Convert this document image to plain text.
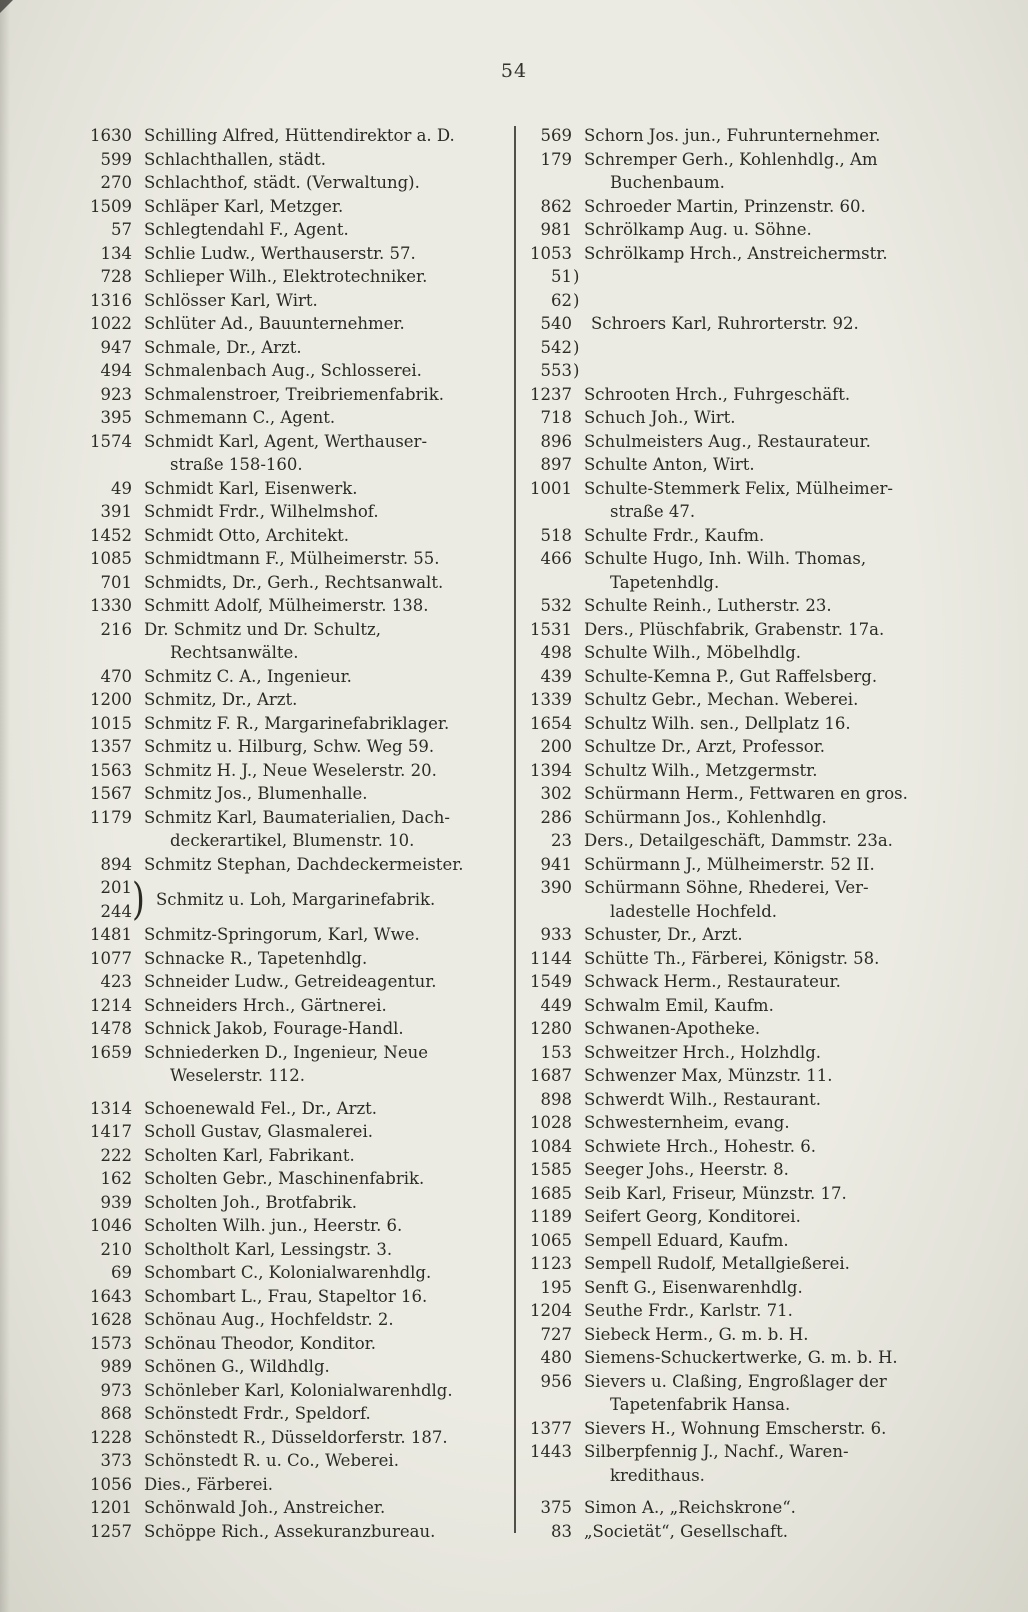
54
1630 Schilling Alfred, Hüttendirektor a. D.
599 Schlachthallen, städt.
270 Schlachthof, städt. (Verwaltung).
1509 Schläper Karl, Metzger.
57 Schlegtendahl F., Agent.
134 Schlie Ludw., Werthauserstr. 57.
728 Schlieper Wilh., Elektrotechniker.
1316 Schlösser Karl, Wirt.
1022 Schlüter Ad., Bauunternehmer.
947 Schmale, Dr., Arzt.
494 Schmalenbach Aug., Schlosserei.
923 Schmalenstroer, Treibriemenfabrik.
395 Schmemann C., Agent.
1574 Schmidt Karl, Agent, Werthauser-
straße 158-160.
49 Schmidt Karl, Eisenwerk.
391 Schmidt Frdr., Wilhelmshof.
1452 Schmidt Otto, Architekt.
1085 Schmidtmann F., Mülheimerstr. 55.
701 Schmidts, Dr., Gerh., Rechtsanwalt.
1330 Schmitt Adolf, Mülheimerstr. 138.
216 Dr. Schmitz und Dr. Schultz,
Rechtsanwälte.
470 Schmitz C. A., Ingenieur.
1200 Schmitz, Dr., Arzt.
1015 Schmitz F. R., Margarinefabriklager.
1357 Schmitz u. Hilburg, Schw. Weg 59.
1563 Schmitz H. J., Neue Weselerstr. 20.
1567 Schmitz Jos., Blumenhalle.
1179 Schmitz Karl, Baumaterialien, Dach-
deckerartikel, Blumenstr. 10.
894 Schmitz Stephan, Dachdeckermeister.
201
244 ) Schmitz u. Loh, Margarinefabrik.
1481 Schmitz-Springorum, Karl, Wwe.
1077 Schnacke R., Tapetenhdlg.
423 Schneider Ludw., Getreideagentur.
1214 Schneiders Hrch., Gärtnerei.
1478 Schnick Jakob, Fourage-Handl.
1659 Schniederken D., Ingenieur, Neue
Weselerstr. 112.
1314 Schoenewald Fel., Dr., Arzt.
1417 Scholl Gustav, Glasmalerei.
222 Scholten Karl, Fabrikant.
162 Scholten Gebr., Maschinenfabrik.
939 Scholten Joh., Brotfabrik.
1046 Scholten Wilh. jun., Heerstr. 6.
210 Scholtholt Karl, Lessingstr. 3.
69 Schombart C., Kolonialwarenhdlg.
1643 Schombart L., Frau, Stapeltor 16.
1628 Schönau Aug., Hochfeldstr. 2.
1573 Schönau Theodor, Konditor.
989 Schönen G., Wildhdlg.
973 Schönleber Karl, Kolonialwarenhdlg.
868 Schönstedt Frdr., Speldorf.
1228 Schönstedt R., Düsseldorferstr. 187.
373 Schönstedt R. u. Co., Weberei.
1056 Dies., Färberei.
1201 Schönwald Joh., Anstreicher.
1257 Schöppe Rich., Assekuranzbureau.
569 Schorn Jos. jun., Fuhrunternehmer.
179 Schremper Gerh., Kohlenhdlg., Am
Buchenbaum.
862 Schroeder Martin, Prinzenstr. 60.
981 Schrölkamp Aug. u. Söhne.
1053 Schrölkamp Hrch., Anstreichermstr.
51 )
62 )
540	Schroers Karl, Ruhrorterstr. 92.
542 )
553 )
1237 Schrooten Hrch., Fuhrgeschäft.
718 Schuch Joh., Wirt.
896 Schulmeisters Aug., Restaurateur.
897 Schulte Anton, Wirt.
1001 Schulte-Stemmerk Felix, Mülheimer-
straße 47.
518 Schulte Frdr., Kaufm.
466 Schulte Hugo, Inh. Wilh. Thomas,
Tapetenhdlg.
532 Schulte Reinh., Lutherstr. 23.
1531 Ders., Plüschfabrik, Grabenstr. 17a.
498 Schulte Wilh., Möbelhdlg.
439 Schulte-Kemna P., Gut Raffelsberg.
1339 Schultz Gebr., Mechan. Weberei.
1654 Schultz Wilh. sen., Dellplatz 16.
200 Schultze Dr., Arzt, Professor.
1394 Schultz Wilh., Metzgermstr.
302 Schürmann Herm., Fettwaren en gros.
286 Schürmann Jos., Kohlenhdlg.
23 Ders., Detailgeschäft, Dammstr. 23a.
941 Schürmann J., Mülheimerstr. 52 II.
390 Schürmann Söhne, Rhederei, Ver-
ladestelle Hochfeld.
933 Schuster, Dr., Arzt.
1144 Schütte Th., Färberei, Königstr. 58.
1549 Schwack Herm., Restaurateur.
449 Schwalm Emil, Kaufm.
1280 Schwanen-Apotheke.
153 Schweitzer Hrch., Holzhdlg.
1687 Schwenzer Max, Münzstr. 11.
898 Schwerdt Wilh., Restaurant.
1028 Schwesternheim, evang.
1084 Schwiete Hrch., Hohestr. 6.
1585 Seeger Johs., Heerstr. 8.
1685 Seib Karl, Friseur, Münzstr. 17.
1189 Seifert Georg, Konditorei.
1065 Sempell Eduard, Kaufm.
1123 Sempell Rudolf, Metallgießerei.
195 Senft G., Eisenwarenhdlg.
1204 Seuthe Frdr., Karlstr. 71.
727 Siebeck Herm., G. m. b. H.
480 Siemens-Schuckertwerke, G. m. b. H.
956 Sievers u. Claßing, Engroßlager der
Tapetenfabrik Hansa.
1377 Sievers H., Wohnung Emscherstr. 6.
1443 Silberpfennig J., Nachf., Waren-
kredithaus.
375 Simon A., „Reichskrone“.
83 „Societät“, Gesellschaft.
